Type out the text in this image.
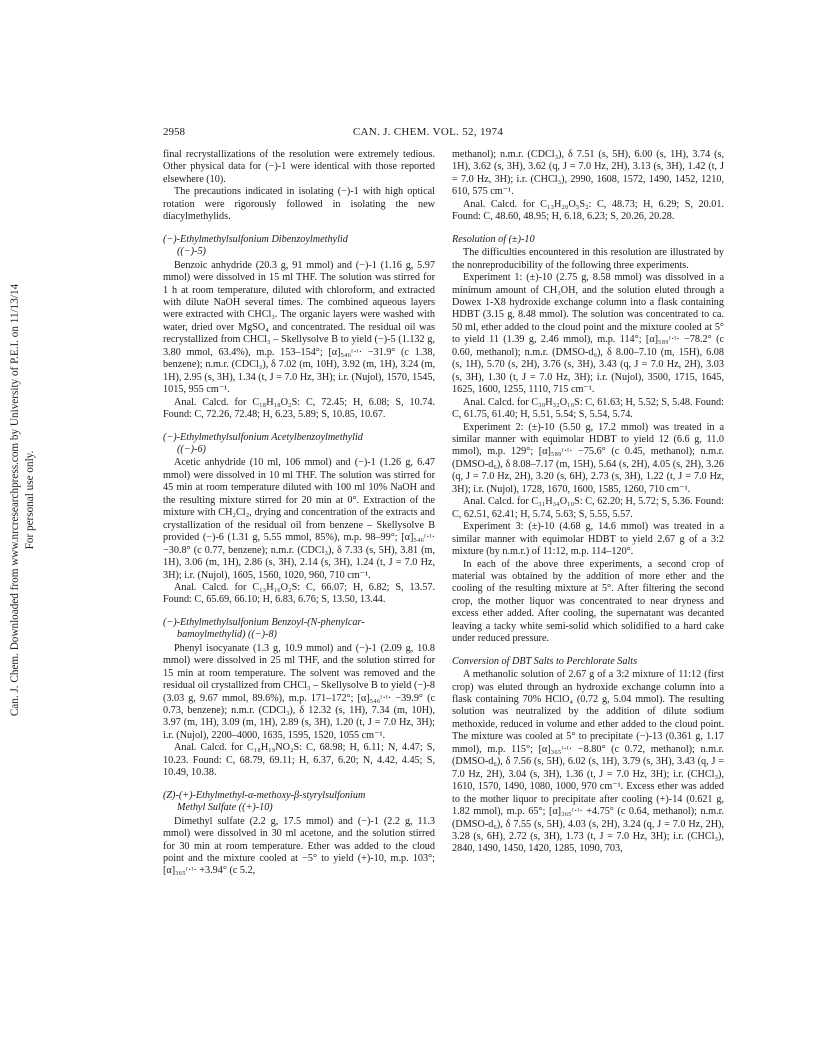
Can. J. Chem. Downloaded from www.nrcresearchpress.com by University of P.E.I. on 11/13/14 For personal use only.
2958	CAN. J. CHEM. VOL. 52, 1974

final recrystallizations of the resolution were extremely tedious. Other physical data for (−)-1 were identical with those reported elsewhere (10).

The precautions indicated in isolating (−)-1 with high optical rotation were rigorously followed in isolating the new diacylmethylids.

(−)-Ethylmethylsulfonium Dibenzoylmethylid
((−)-5)

Benzoic anhydride (20.3 g, 91 mmol) and (−)-1 (1.16 g, 5.97 mmol) were dissolved in 15 ml THF. The solution was stirred for 1 h at room temperature, diluted with chloroform, and extracted with dilute NaOH several times. The combined aqueous layers were extracted with CHCl₃. The organic layers were washed with water, dried over MgSO₄ and concentrated. The residual oil was recrystallized from CHCl₃ – Skellysolve B to yield (−)-5 (1.132 g, 3.80 mmol, 63.4%), m.p. 153–154°; [α]₅₄₆ʳ·ᵗ· −31.9° (c 1.38, benzene); n.m.r. (CDCl₃), δ 7.02 (m, 10H), 3.92 (m, 1H), 3.24 (m, 1H), 2.95 (s, 3H), 1.34 (t, J = 7.0 Hz, 3H); i.r. (Nujol), 1570, 1545, 1015, 955 cm⁻¹.

Anal. Calcd. for C₁₈H₁₈O₂S: C, 72.45; H, 6.08; S, 10.74. Found: C, 72.26, 72.48; H, 6.23, 5.89; S, 10.85, 10.67.

(−)-Ethylmethylsulfonium Acetylbenzoylmethylid
((−)-6)

Acetic anhydride (10 ml, 106 mmol) and (−)-1 (1.26 g, 6.47 mmol) were dissolved in 10 ml THF. The solution was stirred for 45 min at room temperature diluted with 100 ml 10% NaOH and the resulting mixture stirred for 20 min at 0°. Extraction of the mixture with CH₂Cl₂, drying and concentration of the extracts and crystallization of the residual oil from benzene – Skellysolve B provided (−)-6 (1.31 g, 5.55 mmol, 85%), m.p. 98–99°; [α]₅₄₆ʳ·ᵗ· −30.8° (c 0.77, benzene); n.m.r. (CDCl₃), δ 7.33 (s, 5H), 3.81 (m, 1H), 3.06 (m, 1H), 2.86 (s, 3H), 2.14 (s, 3H), 1.24 (t, J = 7.0 Hz, 3H); i.r. (Nujol), 1605, 1560, 1020, 960, 710 cm⁻¹.

Anal. Calcd. for C₁₃H₁₆O₂S: C, 66.07; H, 6.82; S, 13.57. Found: C, 65.69, 66.10; H, 6.83, 6.76; S, 13.50, 13.44.

(−)-Ethylmethylsulfonium Benzoyl-(N-phenylcar-
bamoylmethylid) ((−)-8)

Phenyl isocyanate (1.3 g, 10.9 mmol) and (−)-1 (2.09 g, 10.8 mmol) were dissolved in 25 ml THF, and the solution stirred for 15 min at room temperature. The solvent was removed and the residual oil crystallized from CHCl₃ – Skellysolve B to yield (−)-8 (3.03 g, 9.67 mmol, 89.6%), m.p. 171–172°; [α]₅₄₆ʳ·ᵗ· −39.9° (c 0.73, benzene); n.m.r. (CDCl₃), δ 12.32 (s, 1H), 7.34 (m, 10H), 3.97 (m, 1H), 3.09 (m, 1H), 2.89 (s, 3H), 1.20 (t, J = 7.0 Hz, 3H); i.r. (Nujol), 2200–4000, 1635, 1595, 1520, 1055 cm⁻¹.

Anal. Calcd. for C₁₈H₁₉NO₂S: C, 68.98; H, 6.11; N, 4.47; S, 10.23. Found: C, 68.79, 69.11; H, 6.37, 6.20; N, 4.42, 4.45; S, 10.49, 10.38.

(Z)-(+)-Ethylmethyl-α-methoxy-β-styrylsulfonium
Methyl Sulfate ((+)-10)

Dimethyl sulfate (2.2 g, 17.5 mmol) and (−)-1 (2.2 g, 11.3 mmol) were dissolved in 30 ml acetone, and the solution stirred for 30 min at room temperature. Ether was added to the cloud point and the mixture cooled at −5° to yield (+)-10, m.p. 103°; [α]₃₆₅ʳ·ᵗ· +3.94° (c 5.2,

methanol); n.m.r. (CDCl₃), δ 7.51 (s, 5H), 6.00 (s, 1H), 3.74 (s, 1H), 3.62 (s, 3H), 3.62 (q, J = 7.0 Hz, 2H), 3.13 (s, 3H), 1.42 (t, J = 7.0 Hz, 3H); i.r. (CHCl₃), 2990, 1608, 1572, 1490, 1452, 1210, 610, 575 cm⁻¹.

Anal. Calcd. for C₁₃H₂₀O₅S₂: C, 48.73; H, 6.29; S, 20.01. Found: C, 48.60, 48.95; H, 6.18, 6.23; S, 20.26, 20.28.

Resolution of (±)-10

The difficulties encountered in this resolution are illustrated by the nonreproducibility of the following three experiments.

Experiment 1: (±)-10 (2.75 g, 8.58 mmol) was dissolved in a minimum amount of CH₃OH, and the solution eluted through a Dowex 1-X8 hydroxide exchange column into a flask containing HDBT (3.15 g, 8.48 mmol). The solution was concentrated to ca. 50 ml, ether added to the cloud point and the mixture cooled at 5° to yield 11 (1.39 g, 2.46 mmol), m.p. 114°; [α]₅₈₉ʳ·ᵗ· −78.2° (c 0.60, methanol); n.m.r. (DMSO-d₆), δ 8.00–7.10 (m, 15H), 6.08 (s, 1H), 5.70 (s, 2H), 3.76 (s, 3H), 3.43 (q, J = 7.0 Hz, 2H), 3.03 (s, 3H), 1.30 (t, J = 7.0 Hz, 3H); i.r. (Nujol), 3500, 1715, 1645, 1625, 1600, 1255, 1110, 715 cm⁻¹.

Anal. Calcd. for C₃₀H₃₂O₁₀S: C, 61.63; H, 5.52; S, 5.48. Found: C, 61.75, 61.40; H, 5.51, 5.54; S, 5.54, 5.74.

Experiment 2: (±)-10 (5.50 g, 17.2 mmol) was treated in a similar manner with equimolar HDBT to yield 12 (6.6 g, 11.0 mmol), m.p. 129°; [α]₅₈₉ʳ·ᵗ· −75.6° (c 0.45, methanol); n.m.r. (DMSO-d₆), δ 8.08–7.17 (m, 15H), 5.64 (s, 2H), 4.05 (s, 2H), 3.26 (q, J = 7.0 Hz, 2H), 3.20 (s, 6H), 2.73 (s, 3H), 1.22 (t, J = 7.0 Hz, 3H); i.r. (Nujol), 1728, 1670, 1600, 1585, 1260, 710 cm⁻¹.

Anal. Calcd. for C₃₁H₃₄O₁₀S: C, 62.20; H, 5.72; S, 5.36. Found: C, 62.51, 62.41; H, 5.74, 5.63; S, 5.55, 5.57.

Experiment 3: (±)-10 (4.68 g, 14.6 mmol) was treated in a similar manner with equimolar HDBT to yield 2.67 g of a 3:2 mixture (by n.m.r.) of 11:12, m.p. 114–120°.

In each of the above three experiments, a second crop of material was obtained by the addition of more ether and the cooling of the resulting mixture at 5°. After filtering the second crop, the mother liquor was concentrated to near dryness and excess ether added. After cooling, the supernatant was decanted leaving a tacky white semi-solid which solidified to a hard cake under reduced pressure.

Conversion of DBT Salts to Perchlorate Salts

A methanolic solution of 2.67 g of a 3:2 mixture of 11:12 (first crop) was eluted through an hydroxide exchange column into a flask containing 70% HClO₄ (0.72 g, 5.04 mmol). The resulting solution was neutralized by the addition of dilute sodium methoxide, reduced in volume and ether added to the cloud point. The mixture was cooled at 5° to precipitate (−)-13 (0.361 g, 1.17 mmol), m.p. 115°; [α]₃₆₅ʳ·ᵗ· −8.80° (c 0.72, methanol); n.m.r. (DMSO-d₆), δ 7.56 (s, 5H), 6.02 (s, 1H), 3.79 (s, 3H), 3.43 (q, J = 7.0 Hz, 2H), 3.04 (s, 3H), 1.36 (t, J = 7.0 Hz, 3H); i.r. (CHCl₃), 1610, 1570, 1490, 1080, 1000, 970 cm⁻¹. Excess ether was added to the mother liquor to precipitate after cooling (+)-14 (0.621 g, 1.82 mmol), m.p. 65°; [α]₃₆₅ʳ·ᵗ· +4.75° (c 0.64, methanol); n.m.r. (DMSO-d₆), δ 7.55 (s, 5H), 4.03 (s, 2H), 3.24 (q, J = 7.0 Hz, 2H), 3.28 (s, 6H), 2.72 (s, 3H), 1.73 (t, J = 7.0 Hz, 3H); i.r. (CHCl₃), 2840, 1490, 1450, 1420, 1285, 1090, 703,
